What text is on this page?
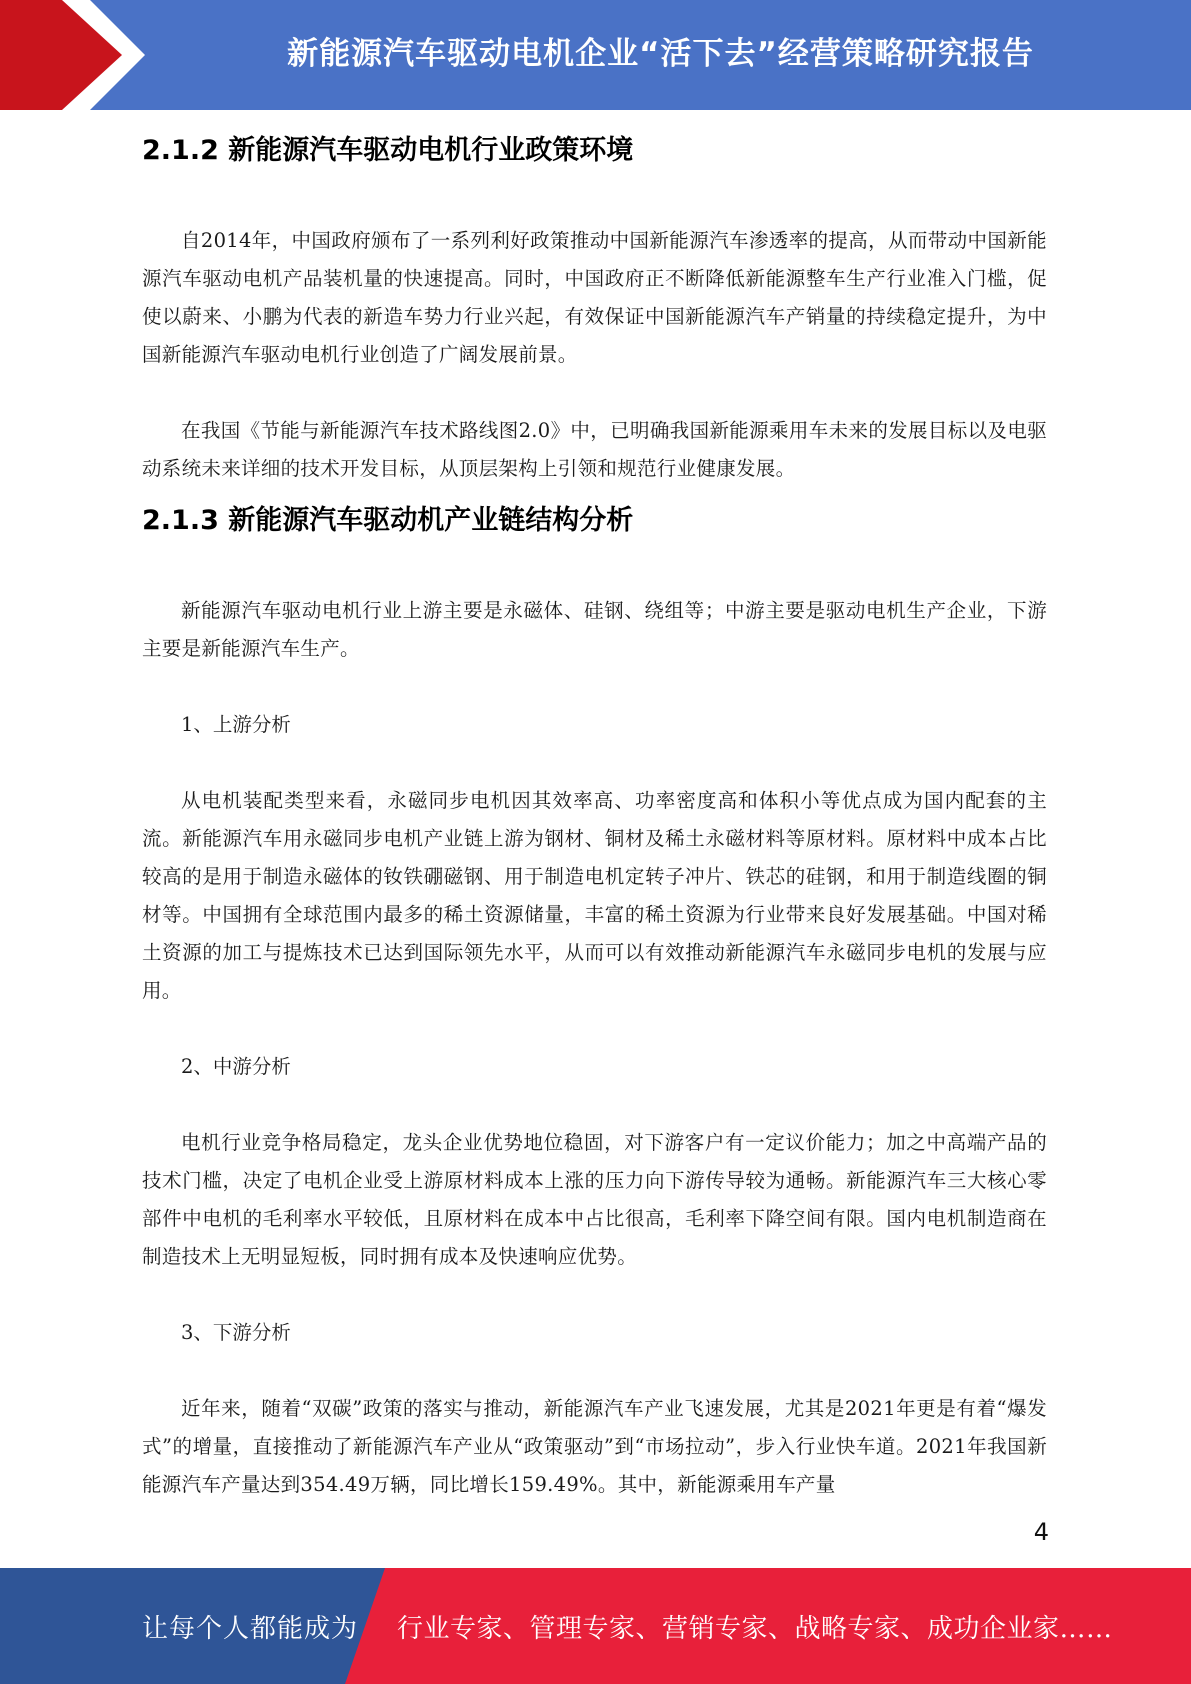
新能源汽车驱动电机企业“活下去”经营策略研究报告
2.1.2 新能源汽车驱动电机行业政策环境

自2014年，中国政府颁布了一系列利好政策推动中国新能源汽车渗透率的提高，从而带动中国新能源汽车驱动电机产品装机量的快速提高。同时，中国政府正不断降低新能源整车生产行业准入门槛，促使以蔚来、小鹏为代表的新造车势力行业兴起，有效保证中国新能源汽车产销量的持续稳定提升，为中国新能源汽车驱动电机行业创造了广阔发展前景。

在我国《节能与新能源汽车技术路线图2.0》中，已明确我国新能源乘用车未来的发展目标以及电驱动系统未来详细的技术开发目标，从顶层架构上引领和规范行业健康发展。

2.1.3 新能源汽车驱动机产业链结构分析

新能源汽车驱动电机行业上游主要是永磁体、硅钢、绕组等；中游主要是驱动电机生产企业，下游主要是新能源汽车生产。

1、上游分析

从电机装配类型来看，永磁同步电机因其效率高、功率密度高和体积小等优点成为国内配套的主流。新能源汽车用永磁同步电机产业链上游为钢材、铜材及稀土永磁材料等原材料。原材料中成本占比较高的是用于制造永磁体的钕铁硼磁钢、用于制造电机定转子冲片、铁芯的硅钢，和用于制造线圈的铜材等。中国拥有全球范围内最多的稀土资源储量，丰富的稀土资源为行业带来良好发展基础。中国对稀土资源的加工与提炼技术已达到国际领先水平，从而可以有效推动新能源汽车永磁同步电机的发展与应用。

2、中游分析

电机行业竞争格局稳定，龙头企业优势地位稳固，对下游客户有一定议价能力；加之中高端产品的技术门槛，决定了电机企业受上游原材料成本上涨的压力向下游传导较为通畅。新能源汽车三大核心零部件中电机的毛利率水平较低，且原材料在成本中占比很高，毛利率下降空间有限。国内电机制造商在制造技术上无明显短板，同时拥有成本及快速响应优势。

3、下游分析

近年来，随着“双碳”政策的落实与推动，新能源汽车产业飞速发展，尤其是2021年更是有着“爆发式”的增量，直接推动了新能源汽车产业从“政策驱动”到“市场拉动”，步入行业快车道。2021年我国新能源汽车产量达到354.49万辆，同比增长159.49%。其中，新能源乘用车产量

4
让每个人都能成为 行业专家、管理专家、营销专家、战略专家、成功企业家……
